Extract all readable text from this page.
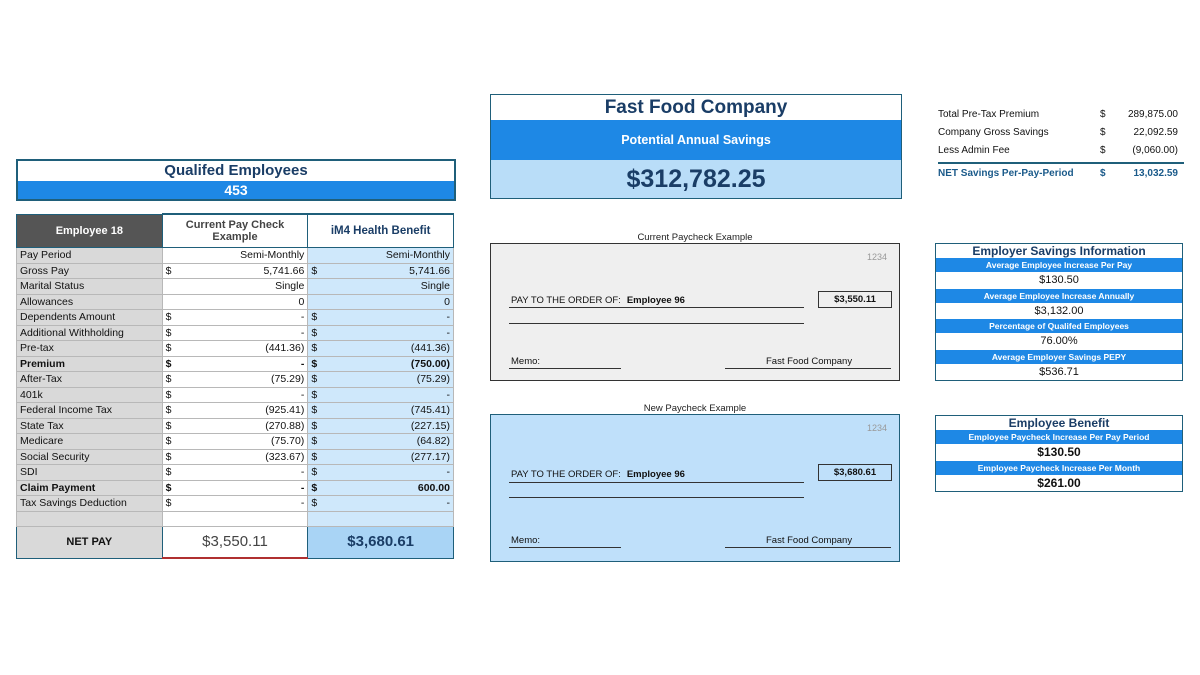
Qualifed Employees
453
Employee 18	Current Pay Check Example	iM4 Health Benefit
Pay Period	Semi-Monthly	Semi-Monthly

Gross Pay	$ 5,741.66	$ 5,741.66

Marital Status	Single	Single

Allowances	0	0

Dependents Amount	$ -	$ -

Additional Withholding	$ -	$ -

Pre-tax	$ (441.36)	$ (441.36)

Premium	$ -	$ (750.00)

After-Tax	$ (75.29)	$ (75.29)

401k	$ -	$ -

Federal Income Tax	$ (925.41)	$ (745.41)

State Tax	$ (270.88)	$ (227.15)

Medicare	$ (75.70)	$ (64.82)

Social Security	$ (323.67)	$ (277.17)

SDI	$ -	$ -

Claim Payment	$ -	$ 600.00

Tax Savings Deduction	$ -	$ -

NET PAY	$3,550.11	$3,680.61
Fast Food Company
Potential Annual Savings
$312,782.25
Current Paycheck Example
1234
PAY TO THE ORDER OF: Employee 96	$3,550.11
Memo:	Fast Food Company
New Paycheck Example
1234
PAY TO THE ORDER OF: Employee 96	$3,680.61
Memo:	Fast Food Company
Total Pre-Tax Premium	$ 289,875.00
Company Gross Savings	$	22,092.59
Less Admin Fee	$	(9,060.00)
NET Savings Per-Pay-Period	$	13,032.59
Employer Savings Information
Average Employee Increase Per Pay
$130.50
Average Employee Increase Annually
$3,132.00
Percentage of Qualifed Employees
76.00%
Average Employer Savings PEPY
$536.71
Employee Benefit
Employee Paycheck Increase Per Pay Period
$130.50
Employee Paycheck Increase Per Month
$261.00
